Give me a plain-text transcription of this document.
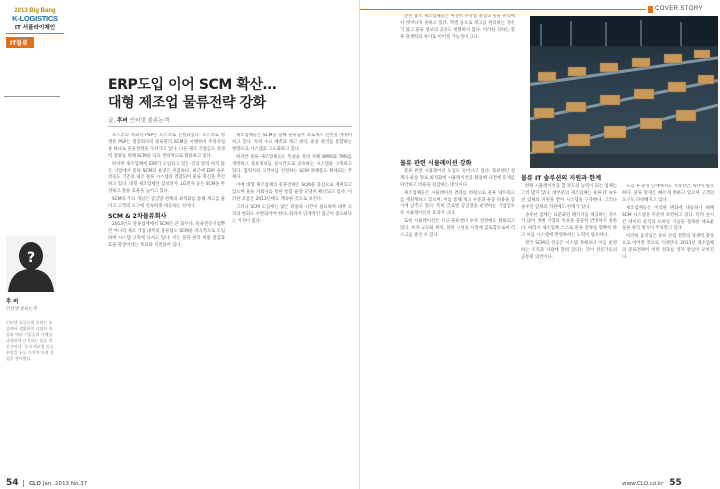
2013 Big Bang
K-LOGISTICS
IT 서플라이체인
IT물류
ERP도입 이어 SCM 확산…
대형 제조업 물류전략 강화
글. 후버 인터넷 물류논객
?
후 버
인터넷 물류논객
인터넷 물류논객 후버는 물류에서 생활하며 다양한 경험과 여러 기업들의 사례를 다양하게 분석하는 물류 전문가이다. 국내 제조업 물류 현장을 두루 거치며 오랜 경험을 쌓아왔다.

포스코의 자회사 PSP는 포스코로 신설되었다. 포스코로 명명된 PSP는 철강회사의 물류관리 SCM을 시행하며 주력사업 중 하나로 물류전략을 가져가고 있다. 다른 제조 기업들도 경쟁력 강화를 위해 SCM을 더욱 전략적으로 활용하고 있다.

하지만 제조업체에 ERP가 도입되고 있는 것과 달리 아직 많은 기업에서 물류 SCM의 운영은 미흡하다. 최근에 ERP 솔루션들도 기존의 제조 물류 시스템과 결합되어 물류 혁신을 추진하고 있다. 대형 제조업체인 삼성전자, LG전자 등은 SCM을 완성하고 물류 효율을 높이고 있다.

SCM의 주요 개념은 공급망 전체의 최적화를 통해 재고를 줄이고 고객의 요구에 신속하게 대응하는 것이다.

SCM & 2차물류회사

2013년도 물류업계에서 SCM은 큰 화두다. 물류전문기업뿐만 아니라 제조 기업 내부의 물류팀도 SCM을 적극적으로 도입하며 시스템 구축에 나서고 있다. 이는 물류 관리 비용 절감과 효율 향상이라는 목표와 직결되어 있다.

제조업체들은 SCM을 통해 물류업무 프로세스 전반을 재정비하고 있다. 특히 수요 예측과 재고 관리, 운송 관리를 통합하는 방향으로 시스템을 고도화하고 있다.

하지만 물류 제조업체들도 특성을 살려 자체 WMS와 TMS를 개발하고 물류정보를 실시간으로 공유하는 시스템을 구축하고 있다. 협력사와 고객사를 연결하는 SCM 플랫폼도 확대되는 추세다.

이에 대형 제조업체의 물류전략은 SCM을 중심으로 재편되고 있으며 물류 자회사를 통한 통합 운영 모델이 확산되고 있다. 이러한 흐름은 2013년에도 계속될 것으로 보인다.

그러나 SCM 도입에는 많은 비용과 시간이 필요하며 내부 조직의 변화도 수반되어야 한다. 따라서 단계적인 접근이 중요하다는 지적이 많다.

54 CLO Jan. 2013 No.37
COVER STORY

반면 중소 제조업체들은 여전히 수작업 중심의 물류 관리에서 벗어나지 못하고 있다. 엑셀 등으로 재고를 관리하는 경우가 많고 물류 정보의 공유도 원활하지 않다. 이러한 격차는 향후 경쟁력의 차이로 이어질 가능성이 크다.

물류 관련 시뮬레이션 강화

물류 관련 시뮬레이션 도입도 늘어나고 있다. 물류센터 설계나 운송 경로 최적화에 시뮬레이션을 활용해 사전에 문제를 파악하고 비용을 절감하는 방식이다.

제조업체들은 시뮬레이션 결과를 바탕으로 물류 네트워크를 재설계하고 있으며, 이를 통해 재고 수준과 운송 비용을 동시에 낮추고 있다. 특히 글로벌 공급망을 운영하는 기업일수록 시뮬레이션의 효과가 크다.

또한 시뮬레이션은 신규 물류센터 투자 결정에도 활용되고 있다. 투자 규모와 위치, 설비 구성을 사전에 검토함으로써 리스크를 줄일 수 있다.

물류 IT 솔루션의 지원과 한계

한편 시뮬레이션을 할 정도의 능력이 되는 업체는 그리 많지 않다. 대부분의 제조업체는 물류 IT 솔루션 업체의 지원을 받아 시스템을 구축한다. 그러나 솔루션 업체의 지원에도 한계가 있다.

솔루션 업체는 표준화된 패키지를 제공하는 경우가 많아 개별 기업의 특성을 충분히 반영하지 못한다. 따라서 제조업체 스스로 물류 전략을 명확히 하고 이를 시스템에 반영하려는 노력이 필요하다.

결국 SCM의 성공은 시스템 자체보다 이를 운영하는 조직과 사람에 달려 있다는 것이 전문가들의 공통된 의견이다.

도입 후 운영 단계에서도 지속적인 개선이 필요하다. 물류 환경은 빠르게 변하고 있으며 고객의 요구도 다양해지고 있다.

제조업체들은 이러한 변화에 대응하기 위해 SCM 시스템을 꾸준히 보완하고 있다. 특히 실시간 데이터 분석과 모바일 기술을 접목한 새로운 물류 관리 방식이 주목받고 있다.

이러한 움직임은 물류 산업 전반의 경쟁력 향상으로 이어질 것으로 기대된다. 2013년 제조업체의 물류전략이 어떤 성과를 낼지 관심이 모아진다.

www.CLO.co.kr 55
